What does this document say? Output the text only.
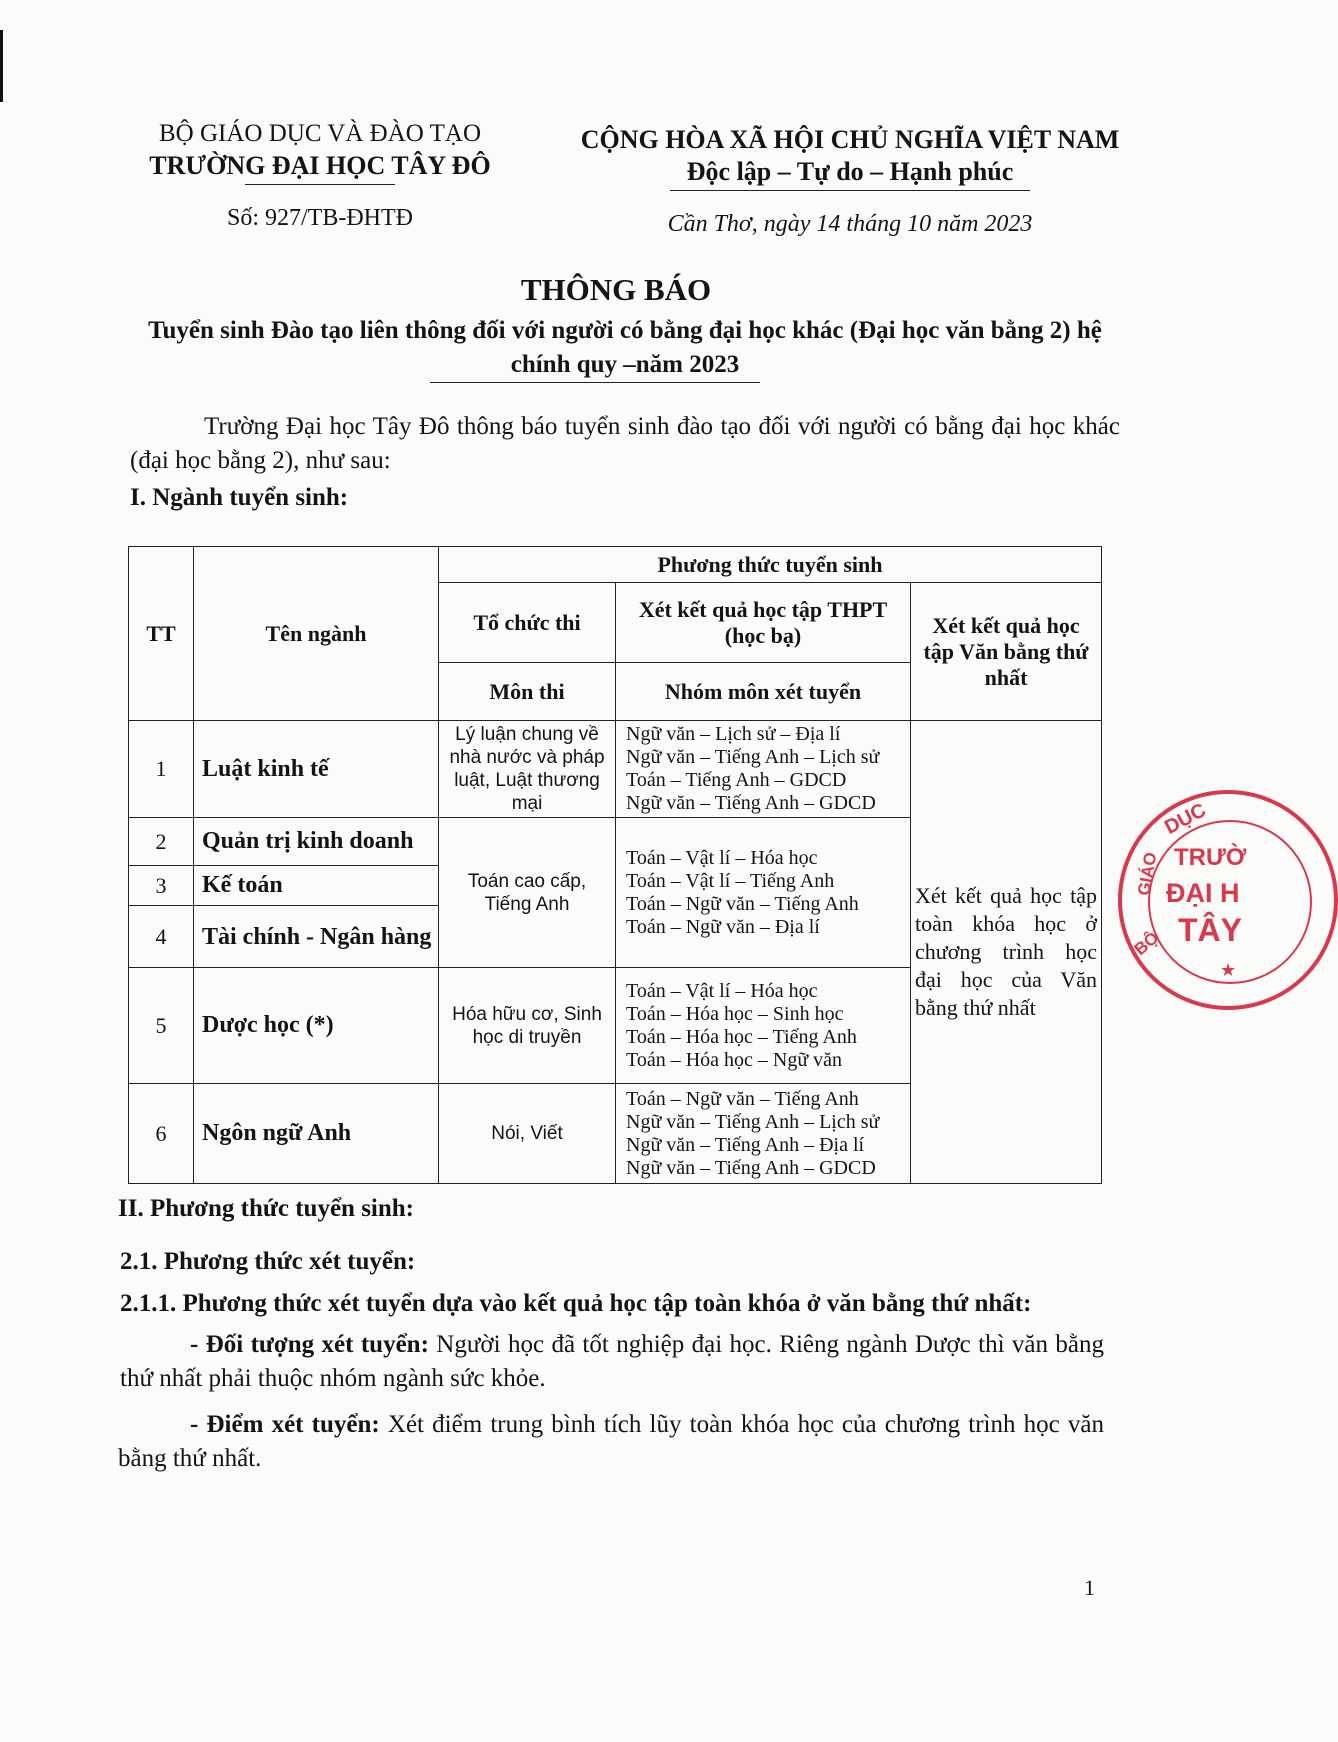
BỘ GIÁO DỤC VÀ ĐÀO TẠO
TRƯỜNG ĐẠI HỌC TÂY ĐÔ
Số: 927/TB-ĐHTĐ
CỘNG HÒA XÃ HỘI CHỦ NGHĨA VIỆT NAM
Độc lập – Tự do – Hạnh phúc
Cần Thơ, ngày 14 tháng 10 năm 2023
THÔNG BÁO
Tuyển sinh Đào tạo liên thông đối với người có bằng đại học khác (Đại học văn bằng 2) hệ chính quy –năm 2023
Trường Đại học Tây Đô thông báo tuyển sinh đào tạo đối với người có bằng đại học khác (đại học bằng 2), như sau:
I. Ngành tuyển sinh:
TT	Tên ngành	Phương thức tuyển sinh		
		Tổ chức thi	Xét kết quả học tập THPT (học bạ)	Xét kết quả học tập Văn bằng thứ nhất
		Môn thi	Nhóm môn xét tuyển	
1	Luật kinh tế	Lý luận chung về nhà nước và pháp luật, Luật thương mại	Ngữ văn – Lịch sử – Địa lí
Ngữ văn – Tiếng Anh – Lịch sử
Toán – Tiếng Anh – GDCD
Ngữ văn – Tiếng Anh – GDCD	Xét kết quả học tập toàn khóa học ở chương trình học đại học của Văn bằng thứ nhất
2	Quản trị kinh doanh	Toán cao cấp, Tiếng Anh	Toán – Vật lí – Hóa học
Toán – Vật lí – Tiếng Anh
Toán – Ngữ văn – Tiếng Anh
Toán – Ngữ văn – Địa lí	

3	Kế toán			
4	Tài chính - Ngân hàng			
5	Dược học (*)	Hóa hữu cơ, Sinh học di truyền	Toán – Vật lí – Hóa học
Toán – Hóa học – Sinh học
Toán – Hóa học – Tiếng Anh
Toán – Hóa học – Ngữ văn	

6	Ngôn ngữ Anh	Nói, Viết	Toán – Ngữ văn – Tiếng Anh
Ngữ văn – Tiếng Anh – Lịch sử
Ngữ văn – Tiếng Anh – Địa lí
Ngữ văn – Tiếng Anh – GDCD	
II. Phương thức tuyển sinh:
2.1. Phương thức xét tuyển:
2.1.1. Phương thức xét tuyển dựa vào kết quả học tập toàn khóa ở văn bằng thứ nhất:
- Đối tượng xét tuyển: Người học đã tốt nghiệp đại học. Riêng ngành Dược thì văn bằng thứ nhất phải thuộc nhóm ngành sức khỏe.
- Điểm xét tuyển: Xét điểm trung bình tích lũy toàn khóa học của chương trình học văn bằng thứ nhất.
1
DỤC
TRƯỜ
ĐẠI H
TÂY
GIÁO
BỘ
★
